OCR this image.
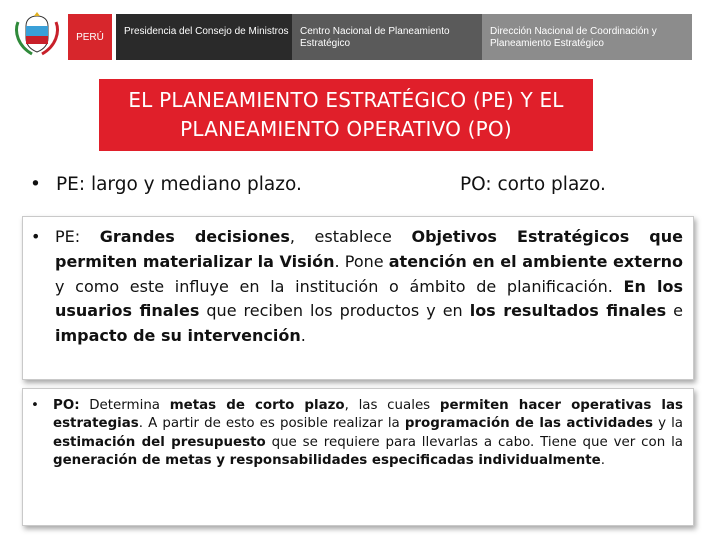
PERÚ	Presidencia del Consejo de Ministros	Centro Nacional de Planeamiento Estratégico
Dirección Nacional de Coordinación y Planeamiento Estratégico
EL PLANEAMIENTO ESTRATÉGICO (PE) Y EL
PLANEAMIENTO OPERATIVO (PO)
• PE: largo y mediano plazo.	PO: corto plazo.
• PE: Grandes decisiones, establece Objetivos Estratégicos que permiten materializar la Visión. Pone atención en el ambiente externo y como este influye en la institución o ámbito de planificación. En los usuarios finales que reciben los productos y en los resultados finales e impacto de su intervención.
• PO: Determina metas de corto plazo, las cuales permiten hacer operativas las estrategias. A partir de esto es posible realizar la programación de las actividades y la estimación del presupuesto que se requiere para llevarlas a cabo. Tiene que ver con la generación de metas y responsabilidades especificadas individualmente.
